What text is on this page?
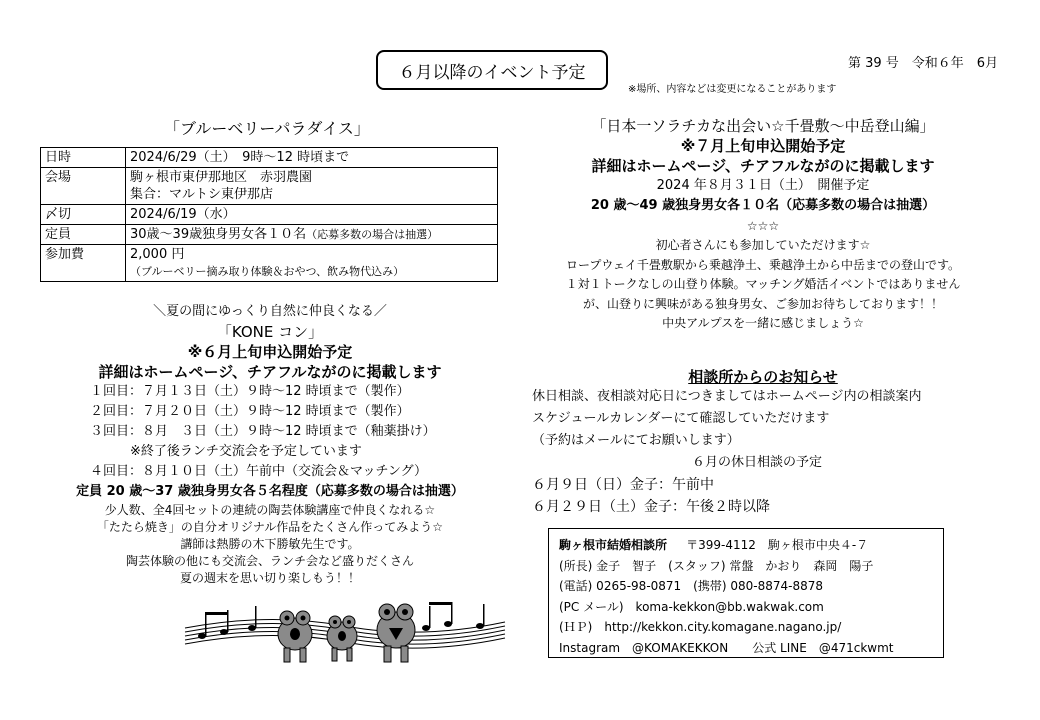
６月以降のイベント予定	第 39 号　令和６年　6月
※場所、内容などは変更になることがあります
「ブルーベリーパラダイス」
日時	2024/6/29（土）　9時～12 時頃まで
会場	駒ヶ根市東伊那地区　赤羽農園
集合：マルトシ東伊那店

〆切	2024/6/19（水）
定員	30歳～39歳独身男女各１０名（応募多数の場合は抽選）
参加費	2,000 円
（ブルーベリー摘み取り体験＆おやつ、飲み物代込み）
＼夏の間にゆっくり自然に仲良くなる／
「KONE コン」
※６月上旬申込開始予定
詳細はホームページ、チアフルながのに掲載します
１回目：７月１３日（土）９時～12 時頃まで（製作）
２回目：７月２０日（土）９時～12 時頃まで（製作）
３回目：８月　３日（土）９時～12 時頃まで（釉薬掛け）
※終了後ランチ交流会を予定しています
４回目：８月１０日（土）午前中（交流会＆マッチング）
定員 20 歳～37 歳独身男女各５名程度（応募多数の場合は抽選）
少人数、全4回セットの連続の陶芸体験講座で仲良くなれる☆
「たたら焼き」の自分オリジナル作品をたくさん作ってみよう☆
講師は熱勝の木下勝敏先生です。
陶芸体験の他にも交流会、ランチ会など盛りだくさん
夏の週末を思い切り楽しもう！！
「日本一ソラチカな出会い☆千畳敷～中岳登山編」
※７月上旬申込開始予定
詳細はホームページ、チアフルながのに掲載します
2024 年８月３１日（土）　開催予定
20 歳～49 歳独身男女各１０名（応募多数の場合は抽選）
☆☆☆
初心者さんにも参加していただけます☆
ロープウェイ千畳敷駅から乗越浄土、乗越浄土から中岳までの登山です。
１対１トークなしの山登り体験。マッチング婚活イベントではありません
が、山登りに興味がある独身男女、ご参加お待ちしております！！
中央アルプスを一緒に感じましょう☆
相談所からのお知らせ
休日相談、夜相談対応日につきましてはホームページ内の相談案内
スケジュールカレンダーにて確認していただけます
（予約はメールにてお願いします）
６月の休日相談の予定
６月９日（日）金子：午前中
６月２９日（土）金子：午後２時以降
駒ヶ根市結婚相談所 〒399-4112　駒ヶ根市中央４-７
(所長) 金子　智子　(スタッフ) 常盤　かおり　森岡　陽子
(電話) 0265-98-0871　(携帯) 080-8874-8878
(PC メール)　koma-kekkon@bb.wakwak.com
(ＨＰ)　http://kekkon.city.komagane.nagano.jp/
Instagram　@KOMAKEKKON　　公式 LINE　@471ckwmt
